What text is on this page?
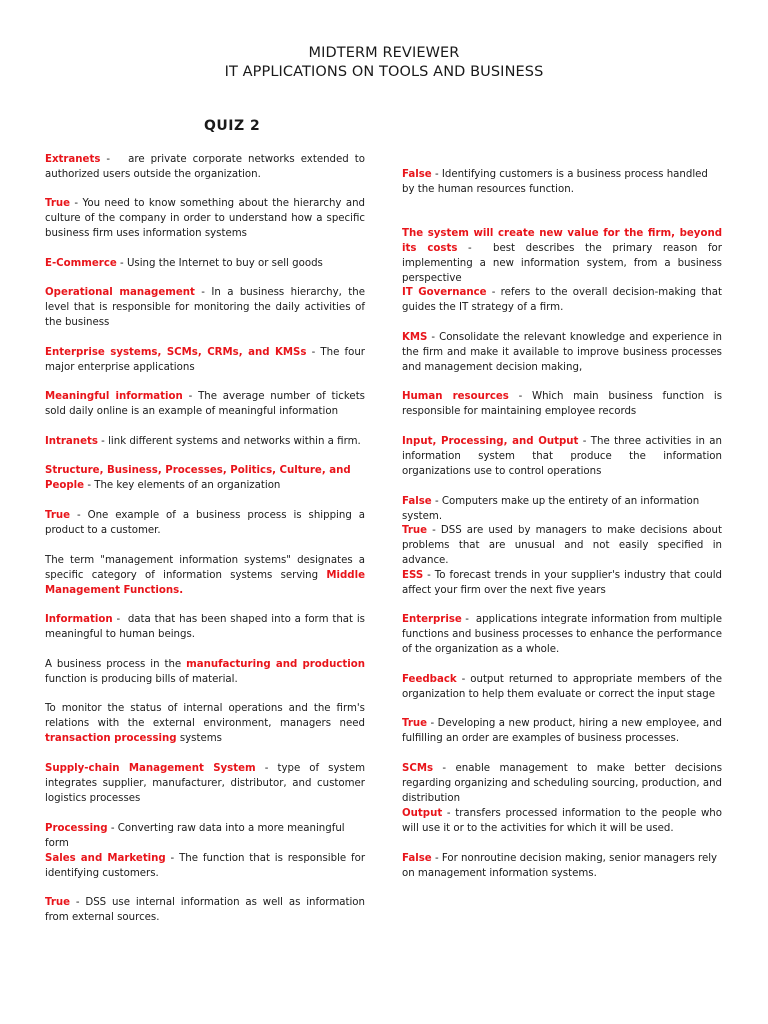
MIDTERM REVIEWER
IT APPLICATIONS ON TOOLS AND BUSINESS
QUIZ 2

Extranets -   are private corporate networks extended to authorized users outside the organization.

True - You need to know something about the hierarchy and culture of the company in order to understand how a specific business firm uses information systems

E-Commerce - Using the Internet to buy or sell goods

Operational management - In a business hierarchy, the level that is responsible for monitoring the daily activities of the business

Enterprise systems, SCMs, CRMs, and KMSs - The four major enterprise applications

Meaningful information - The average number of tickets sold daily online is an example of meaningful information

Intranets - link different systems and networks within a firm.

Structure, Business, Processes, Politics, Culture, and People - The key elements of an organization

True - One example of a business process is shipping a product to a customer.

The term "management information systems" designates a specific category of information systems serving Middle Management Functions.

Information -  data that has been shaped into a form that is meaningful to human beings.

A business process in the manufacturing and production function is producing bills of material.

To monitor the status of internal operations and the firm's relations with the external environment, managers need transaction processing systems

Supply-chain Management System - type of system integrates supplier, manufacturer, distributor, and customer logistics processes

Processing - Converting raw data into a more meaningful form

Sales and Marketing - The function that is responsible for identifying customers.

True - DSS use internal information as well as information from external sources.

False - Identifying customers is a business process handled by the human resources function.

The system will create new value for the firm, beyond its costs -  best describes the primary reason for implementing a new information system, from a business perspective

IT Governance - refers to the overall decision-making that guides the IT strategy of a firm.

KMS - Consolidate the relevant knowledge and experience in the firm and make it available to improve business processes and management decision making,

Human resources - Which main business function is responsible for maintaining employee records

Input, Processing, and Output - The three activities in an information system that produce the information organizations use to control operations

False - Computers make up the entirety of an information system.

True - DSS are used by managers to make decisions about problems that are unusual and not easily specified in advance.

ESS - To forecast trends in your supplier's industry that could affect your firm over the next five years

Enterprise -  applications integrate information from multiple functions and business processes to enhance the performance of the organization as a whole.

Feedback - output returned to appropriate members of the organization to help them evaluate or correct the input stage

True - Developing a new product, hiring a new employee, and fulfilling an order are examples of business processes.

SCMs - enable management to make better decisions regarding organizing and scheduling sourcing, production, and distribution

Output - transfers processed information to the people who will use it or to the activities for which it will be used.

False - For nonroutine decision making, senior managers rely on management information systems.
